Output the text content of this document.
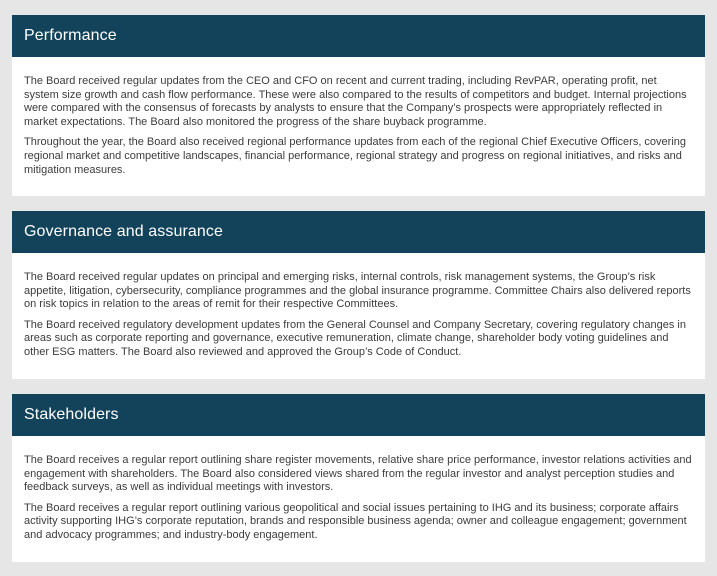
Performance

The Board received regular updates from the CEO and CFO on recent and current trading, including RevPAR, operating profit, net system size growth and cash flow performance. These were also compared to the results of competitors and budget. Internal projections were compared with the consensus of forecasts by analysts to ensure that the Company’s prospects were appropriately reflected in market expectations. The Board also monitored the progress of the share buyback programme.

Throughout the year, the Board also received regional performance updates from each of the regional Chief Executive Officers, covering regional market and competitive landscapes, financial performance, regional strategy and progress on regional initiatives, and risks and mitigation measures.

Governance and assurance

The Board received regular updates on principal and emerging risks, internal controls, risk management systems, the Group’s risk appetite, litigation, cybersecurity, compliance programmes and the global insurance programme. Committee Chairs also delivered reports on risk topics in relation to the areas of remit for their respective Committees.

The Board received regulatory development updates from the General Counsel and Company Secretary, covering regulatory changes in areas such as corporate reporting and governance, executive remuneration, climate change, shareholder body voting guidelines and other ESG matters. The Board also reviewed and approved the Group’s Code of Conduct.

Stakeholders

The Board receives a regular report outlining share register movements, relative share price performance, investor relations activities and engagement with shareholders. The Board also considered views shared from the regular investor and analyst perception studies and feedback surveys, as well as individual meetings with investors.

The Board receives a regular report outlining various geopolitical and social issues pertaining to IHG and its business; corporate affairs activity supporting IHG’s corporate reputation, brands and responsible business agenda; owner and colleague engagement; government and advocacy programmes; and industry-body engagement.
